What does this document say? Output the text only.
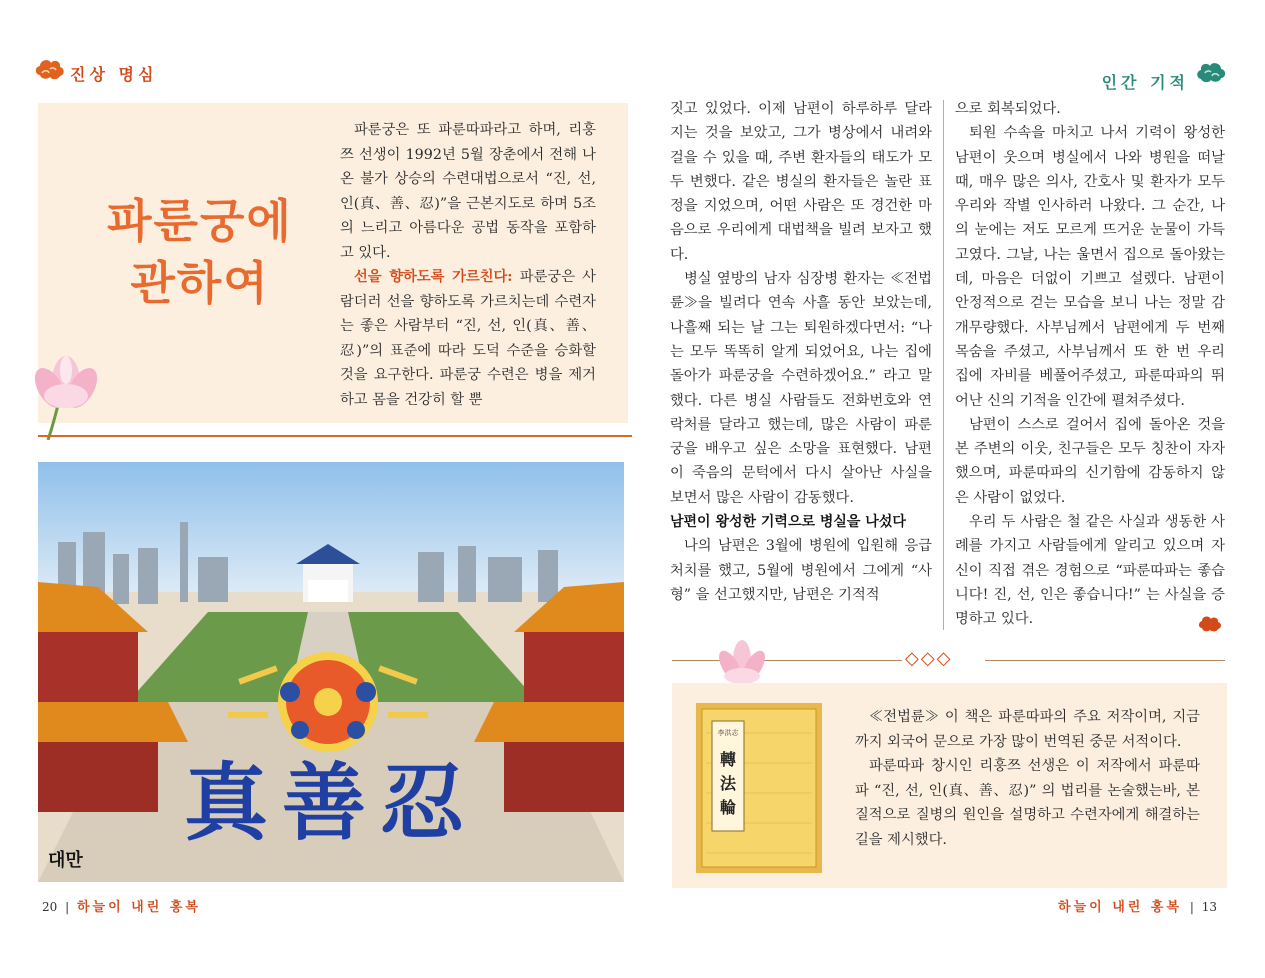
진상 명심	인간 기적
파룬궁에
관하여

파룬궁은 또 파룬따파라고 하며, 리훙쯔 선생이 1992년 5월 장춘에서 전해 나온 불가 상승의 수련대법으로서 “진, 선, 인(真、善、忍)”을 근본지도로 하며 5조의 느리고 아름다운 공법 동작을 포함하고 있다.

선을 향하도록 가르친다: 파룬궁은 사람더러 선을 향하도록 가르치는데 수련자는 좋은 사람부터 “진, 선, 인(真、善、忍)”의 표준에 따라 도덕 수준을 승화할 것을 요구한다. 파룬궁 수련은 병을 제거하고 몸을 건강히 할 뿐

真善忍
대만

짓고 있었다. 이제 남편이 하루하루 달라지는 것을 보았고, 그가 병상에서 내려와 걸을 수 있을 때, 주변 환자들의 태도가 모두 변했다. 같은 병실의 환자들은 놀란 표정을 지었으며, 어떤 사람은 또 경건한 마음으로 우리에게 대법책을 빌려 보자고 했다.

병실 옆방의 남자 심장병 환자는 ≪전법륜≫을 빌려다 연속 사흘 동안 보았는데, 나흘째 되는 날 그는 퇴원하겠다면서: “나는 모두 똑똑히 알게 되었어요, 나는 집에 돌아가 파룬궁을 수련하겠어요.” 라고 말했다. 다른 병실 사람들도 전화번호와 연락처를 달라고 했는데, 많은 사람이 파룬궁을 배우고 싶은 소망을 표현했다. 남편이 죽음의 문턱에서 다시 살아난 사실을 보면서 많은 사람이 감동했다.

남편이 왕성한 기력으로 병실을 나섰다

나의 남편은 3월에 병원에 입원해 응급처치를 했고, 5월에 병원에서 그에게 “사형” 을 선고했지만, 남편은 기적적

으로 회복되었다.

퇴원 수속을 마치고 나서 기력이 왕성한 남편이 웃으며 병실에서 나와 병원을 떠날 때, 매우 많은 의사, 간호사 및 환자가 모두 우리와 작별 인사하러 나왔다. 그 순간, 나의 눈에는 저도 모르게 뜨거운 눈물이 가득 고였다. 그날, 나는 울면서 집으로 돌아왔는데, 마음은 더없이 기쁘고 설렜다. 남편이 안정적으로 걷는 모습을 보니 나는 정말 감개무량했다. 사부님께서 남편에게 두 번째 목숨을 주셨고, 사부님께서 또 한 번 우리 집에 자비를 베풀어주셨고, 파룬따파의 뛰어난 신의 기적을 인간에 펼쳐주셨다.

남편이 스스로 걸어서 집에 돌아온 것을 본 주변의 이웃, 친구들은 모두 칭찬이 자자했으며, 파룬따파의 신기함에 감동하지 않은 사람이 없었다.

우리 두 사람은 철 같은 사실과 생동한 사례를 가지고 사람들에게 알리고 있으며 자신이 직접 겪은 경험으로 “파룬따파는 좋습니다! 진, 선, 인은 좋습니다!” 는 사실을 증명하고 있다.

◇◇◇
李洪志
轉
法
輪

≪전법륜≫ 이 책은 파룬따파의 주요 저작이며, 지금까지 외국어 문으로 가장 많이 번역된 중문 서적이다.

파룬따파 창시인 리훙쯔 선생은 이 저작에서 파룬따파 “진, 선, 인(真、善、忍)” 의 법리를 논술했는바, 본질적으로 질병의 원인을 설명하고 수련자에게 해결하는 길을 제시했다.

20 | 하늘이 내린 홍복	하늘이 내린 홍복 | 13
